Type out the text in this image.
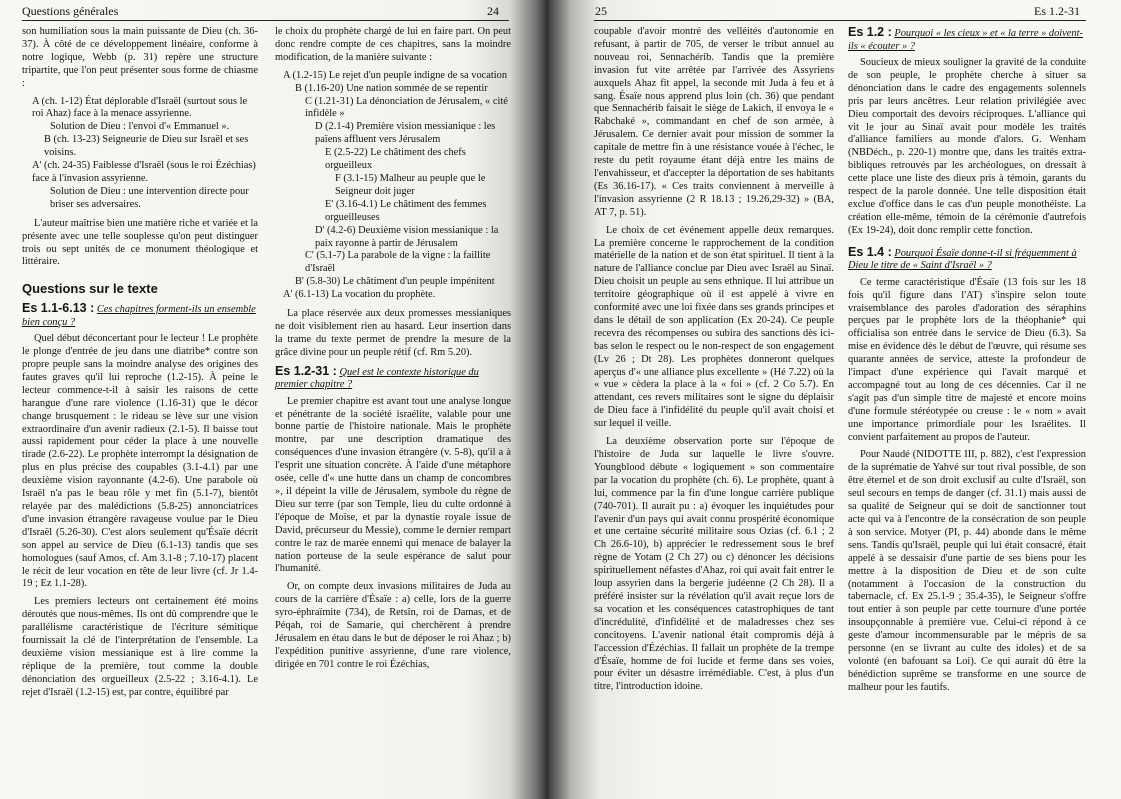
Questions générales	24

son humiliation sous la main puissante de Dieu (ch. 36-37). À côté de ce développement linéaire, conforme à notre logique, Webb (p. 31) repère une structure tripartite, que l'on peut présenter sous forme de chiasme :

A (ch. 1-12) État déplorable d'Israël (surtout sous le roi Ahaz) face à la menace assyrienne.
Solution de Dieu : l'envoi d'« Emmanuel ».
B (ch. 13-23) Seigneurie de Dieu sur Israël et ses voisins.
A' (ch. 24-35) Faiblesse d'Israël (sous le roi Ézéchias) face à l'invasion assyrienne.
Solution de Dieu : une intervention directe pour briser ses adversaires.

L'auteur maîtrise bien une matière riche et variée et la présente avec une telle souplesse qu'on peut distinguer trois ou sept unités de ce monument théologique et littéraire.

Questions sur le texte
Es 1.1-6.13 : Ces chapitres forment-ils un ensemble bien conçu ?

Quel début déconcertant pour le lecteur ! Le prophète le plonge d'entrée de jeu dans une diatribe* contre son propre peuple sans la moindre analyse des origines des fautes graves qu'il lui reproche (1.2-15). À peine le lecteur commence-t-il à saisir les raisons de cette harangue d'une rare violence (1.16-31) que le décor change brusquement : le rideau se lève sur une vision extraordinaire d'un avenir radieux (2.1-5). Il baisse tout aussi rapidement pour céder la place à une nouvelle tirade (2.6-22). Le prophète interrompt la désignation de plus en plus précise des coupables (3.1-4.1) par une deuxième vision rayonnante (4.2-6). Une parabole où Israël n'a pas le beau rôle y met fin (5.1-7), bientôt relayée par des malédictions (5.8-25) annonciatrices d'une invasion étrangère ravageuse voulue par le Dieu d'Israël (5.26-30). C'est alors seulement qu'Ésaïe décrit son appel au service de Dieu (6.1-13) tandis que ses homologues (sauf Amos, cf. Am 3.1-8 ; 7.10-17) placent le récit de leur vocation en tête de leur livre (cf. Jr 1.4-19 ; Ez 1.1-28).

Les premiers lecteurs ont certainement été moins déroutés que nous-mêmes. Ils ont dû comprendre que le parallélisme caractéristique de l'écriture sémitique fournissait la clé de l'interprétation de l'ensemble. La deuxième vision messianique est à lire comme la réplique de la première, tout comme la double dénonciation des orgueilleux (2.5-22 ; 3.16-4.1). Le rejet d'Israël (1.2-15) est, par contre, équilibré par

le choix du prophète chargé de lui en faire part. On peut donc rendre compte de ces chapitres, sans la moindre modification, de la manière suivante :

A (1.2-15) Le rejet d'un peuple indigne de sa vocation
B (1.16-20) Une nation sommée de se repentir
C (1.21-31) La dénonciation de Jérusalem, « cité infidèle »
D (2.1-4) Première vision messianique : les païens affluent vers Jérusalem
E (2.5-22) Le châtiment des chefs orgueilleux
F (3.1-15) Malheur au peuple que le Seigneur doit juger
E' (3.16-4.1) Le châtiment des femmes orgueilleuses
D' (4.2-6) Deuxième vision messianique : la paix rayonne à partir de Jérusalem
C' (5.1-7) La parabole de la vigne : la faillite d'Israël
B' (5.8-30) Le châtiment d'un peuple impénitent
A' (6.1-13) La vocation du prophète.

La place réservée aux deux promesses messianiques ne doit visiblement rien au hasard. Leur insertion dans la trame du texte permet de prendre la mesure de la grâce divine pour un peuple rétif (cf. Rm 5.20).

Es 1.2-31 : Quel est le contexte historique du premier chapitre ?

Le premier chapitre est avant tout une analyse longue et pénétrante de la société israélite, valable pour une bonne partie de l'histoire nationale. Mais le prophète montre, par une description dramatique des conséquences d'une invasion étrangère (v. 5-8), qu'il a à l'esprit une situation concrète. À l'aide d'une métaphore osée, celle d'« une hutte dans un champ de concombres », il dépeint la ville de Jérusalem, symbole du règne de Dieu sur terre (par son Temple, lieu du culte ordonné à l'époque de Moïse, et par la dynastie royale issue de David, précurseur du Messie), comme le dernier rempart contre le raz de marée ennemi qui menace de balayer la nation porteuse de la seule espérance de salut pour l'humanité.

Or, on compte deux invasions militaires de Juda au cours de la carrière d'Ésaïe : a) celle, lors de la guerre syro-éphraïmite (734), de Retsîn, roi de Damas, et de Péqah, roi de Samarie, qui cherchèrent à prendre Jérusalem en étau dans le but de déposer le roi Ahaz ; b) l'expédition punitive assyrienne, d'une rare violence, dirigée en 701 contre le roi Ézéchias,

25	Es 1.2-31

coupable d'avoir montré des velléités d'autonomie en refusant, à partir de 705, de verser le tribut annuel au nouveau roi, Sennachérib. Tandis que la première invasion fut vite arrêtée par l'arrivée des Assyriens auxquels Ahaz fit appel, la seconde mit Juda à feu et à sang. Ésaïe nous apprend plus loin (ch. 36) que pendant que Sennachérib faisait le siège de Lakich, il envoya le « Rabchaké », commandant en chef de son armée, à Jérusalem. Ce dernier avait pour mission de sommer la capitale de mettre fin à une résistance vouée à l'échec, le reste du petit royaume étant déjà entre les mains de l'envahisseur, et d'accepter la déportation de ses habitants (Es 36.16-17). « Ces traits conviennent à merveille à l'invasion assyrienne (2 R 18.13 ; 19.26,29-32) » (BA, AT 7, p. 51).

Le choix de cet événement appelle deux remarques. La première concerne le rapprochement de la condition matérielle de la nation et de son état spirituel. Il tient à la nature de l'alliance conclue par Dieu avec Israël au Sinaï. Dieu choisit un peuple au sens ethnique. Il lui attribue un territoire géographique où il est appelé à vivre en conformité avec une loi fixée dans ses grands principes et dans le détail de son application (Ex 20-24). Ce peuple recevra des récompenses ou subira des sanctions dès ici-bas selon le respect ou le non-respect de son engagement (Lv 26 ; Dt 28). Les prophètes donneront quelques aperçus d'« une alliance plus excellente » (Hé 7.22) où la « vue » cèdera la place à la « foi » (cf. 2 Co 5.7). En attendant, ces revers militaires sont le signe du déplaisir de Dieu face à l'infidélité du peuple qu'il avait choisi et sur lequel il veille.

La deuxième observation porte sur l'époque de l'histoire de Juda sur laquelle le livre s'ouvre. Youngblood débute « logiquement » son commentaire par la vocation du prophète (ch. 6). Le prophète, quant à lui, commence par la fin d'une longue carrière publique (740-701). Il aurait pu : a) évoquer les inquiétudes pour l'avenir d'un pays qui avait connu prospérité économique et une certaine sécurité militaire sous Ozias (cf. 6.1 ; 2 Ch 26.6-10), b) apprécier le redressement sous le bref règne de Yotam (2 Ch 27) ou c) dénoncer les décisions spirituellement néfastes d'Ahaz, roi qui avait fait entrer le loup assyrien dans la bergerie judéenne (2 Ch 28). Il a préféré insister sur la révélation qu'il avait reçue lors de sa vocation et les conséquences catastrophiques de tant d'incrédulité, d'infidélité et de maladresses chez ses concitoyens. L'avenir national était compromis déjà à l'accession d'Ézéchias. Il fallait un prophète de la trempe d'Ésaïe, homme de foi lucide et ferme dans ses voies, pour éviter un désastre irrémédiable. C'est, à plus d'un titre, l'introduction idoine.

Es 1.2 : Pourquoi « les cieux » et « la terre » doivent-ils « écouter » ?

Soucieux de mieux souligner la gravité de la conduite de son peuple, le prophète cherche à situer sa dénonciation dans le cadre des engagements solennels pris par leurs ancêtres. Leur relation privilégiée avec Dieu comportait des devoirs réciproques. L'alliance qui vit le jour au Sinaï avait pour modèle les traités d'alliance familiers au monde d'alors. G. Wenham (NBDéch., p. 220-1) montre que, dans les traités extra-bibliques retrouvés par les archéologues, on dressait à cette place une liste des dieux pris à témoin, garants du respect de la parole donnée. Une telle disposition était exclue d'office dans le cas d'un peuple monothéiste. La création elle-même, témoin de la cérémonie d'autrefois (Ex 19-24), doit donc remplir cette fonction.

Es 1.4 : Pourquoi Ésaïe donne-t-il si fréquemment à Dieu le titre de « Saint d'Israël » ?

Ce terme caractéristique d'Ésaïe (13 fois sur les 18 fois qu'il figure dans l'AT) s'inspire selon toute vraisemblance des paroles d'adoration des séraphins perçues par le prophète lors de la théophanie* qui officialisa son entrée dans le service de Dieu (6.3). Sa mise en évidence dès le début de l'œuvre, qui résume ses quarante années de service, atteste la profondeur de l'impact d'une expérience qui l'avait marqué et accompagné tout au long de ces décennies. Car il ne s'agit pas d'un simple titre de majesté et encore moins d'une formule stéréotypée ou creuse : le « nom » avait une importance primordiale pour les Israélites. Il convient parfaitement au propos de l'auteur.

Pour Naudé (NIDOTTE III, p. 882), c'est l'expression de la suprématie de Yahvé sur tout rival possible, de son être éternel et de son droit exclusif au culte d'Israël, son seul secours en temps de danger (cf. 31.1) mais aussi de sa qualité de Seigneur qui se doit de sanctionner tout acte qui va à l'encontre de la consécration de son peuple à son service. Motyer (PI, p. 44) abonde dans le même sens. Tandis qu'Israël, peuple qui lui était consacré, était appelé à se dessaisir d'une partie de ses biens pour les mettre à la disposition de Dieu et de son culte (notamment à l'occasion de la construction du tabernacle, cf. Ex 25.1-9 ; 35.4-35), le Seigneur s'offre tout entier à son peuple par cette tournure d'une portée insoupçonnable à première vue. Celui-ci répond à ce geste d'amour incommensurable par le mépris de sa personne (en se livrant au culte des idoles) et de sa volonté (en bafouant sa Loi). Ce qui aurait dû être la bénédiction suprême se transforme en une source de malheur pour les fautifs.
